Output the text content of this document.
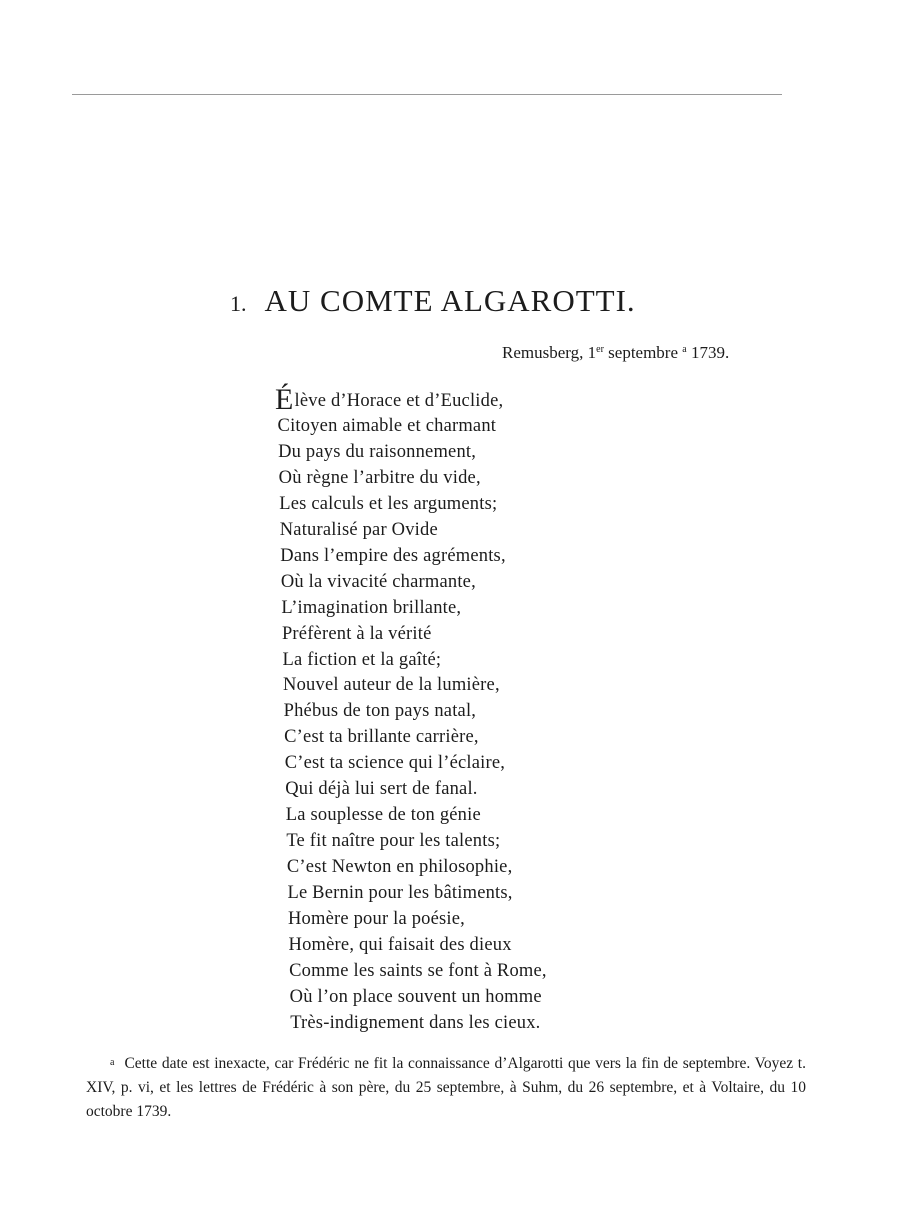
1. AU COMTE ALGAROTTI.
Remusberg, 1er septembre $^a$ 1739.
Élève d’Horace et d’Euclide,
Citoyen aimable et charmant
Du pays du raisonnement,
Où règne l’arbitre du vide,
Les calculs et les arguments;
Naturalisé par Ovide
Dans l’empire des agréments,
Où la vivacité charmante,
L’imagination brillante,
Préfèrent à la vérité
La fiction et la gaîté;
Nouvel auteur de la lumière,
Phébus de ton pays natal,
C’est ta brillante carrière,
C’est ta science qui l’éclaire,
Qui déjà lui sert de fanal.
La souplesse de ton génie
Te fit naître pour les talents;
C’est Newton en philosophie,
Le Bernin pour les bâtiments,
Homère pour la poésie,
Homère, qui faisait des dieux
Comme les saints se font à Rome,
Où l’on place souvent un homme
Très-indignement dans les cieux.

a Cette date est inexacte, car Frédéric ne fit la connaissance d’Algarotti que vers la fin de septembre. Voyez t. XIV, p. vi, et les lettres de Frédéric à son père, du 25 septembre, à Suhm, du 26 septembre, et à Voltaire, du 10 octobre 1739.
